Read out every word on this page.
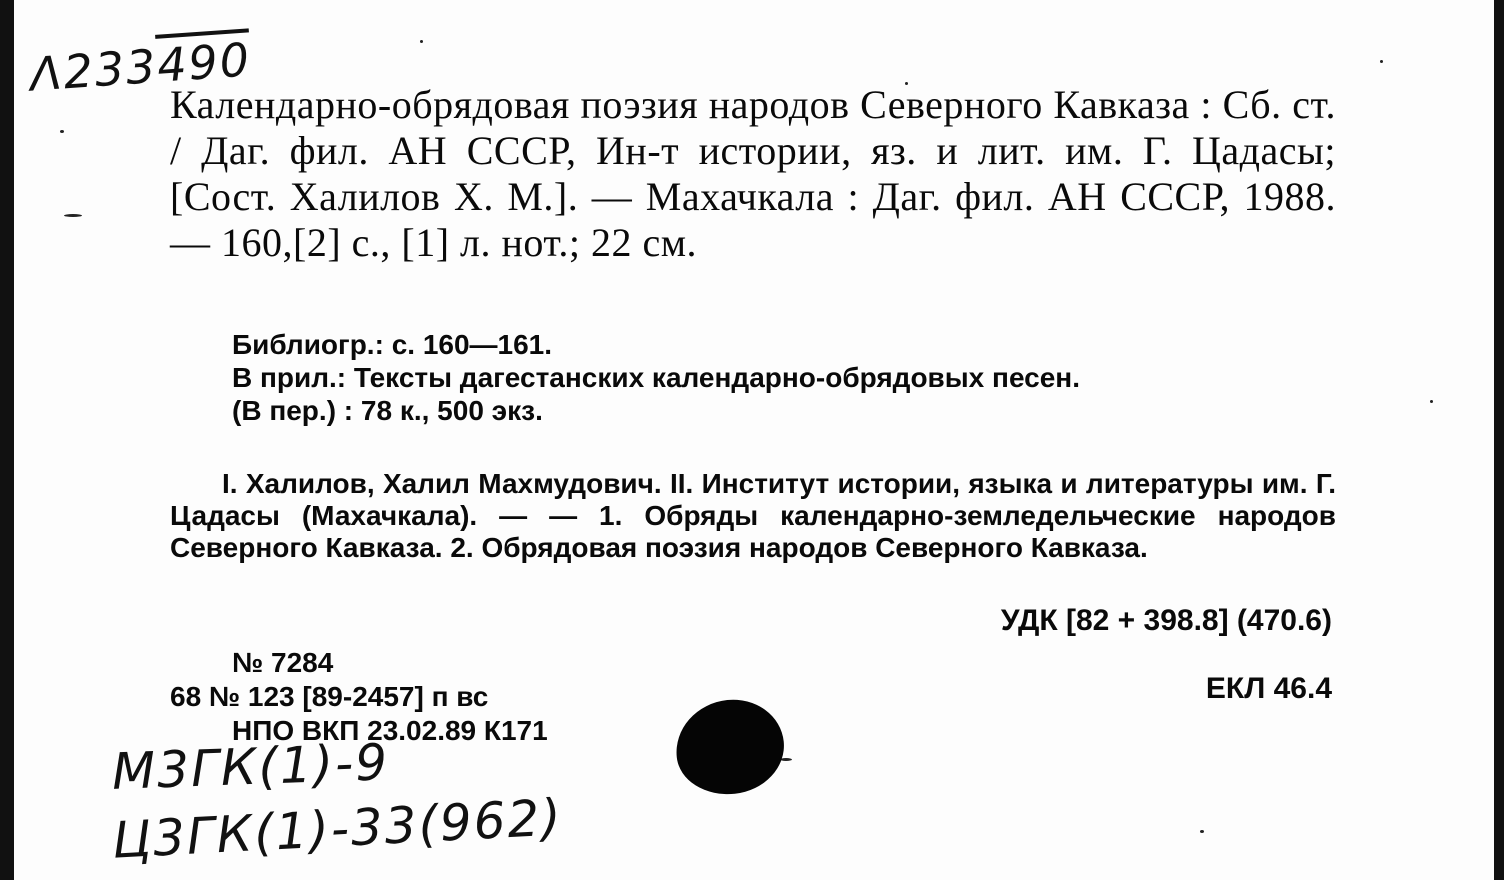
Λ233490

Календарно-обрядовая поэзия народов Северного Кавказа : Сб. ст. / Даг. фил. АН СССР, Ин-т истории, яз. и лит. им. Г. Цадасы; [Сост. Халилов Х. М.]. — Махачкала : Даг. фил. АН СССР, 1988. — 160,[2] с., [1] л. нот.; 22 см.

Библиогр.: с. 160—161.
В прил.: Тексты дагестанских календарно-обрядовых песен.
(В пер.) : 78 к., 500 экз.
I. Халилов, Халил Махмудович. II. Институт истории, языка и литературы им. Г. Цадасы (Махачкала). — — 1. Обряды календарно-земледельческие народов Северного Кавказа. 2. Обрядовая поэзия народов Северного Кавказа.
УДК [82 + 398.8] (470.6)
№ 7284
68 № 123 [89-2457] п вс
НПО ВКП 23.02.89 К171
ЕКЛ 46.4
М3ГК(1)-9
Ц3ГК(1)-33(962)
